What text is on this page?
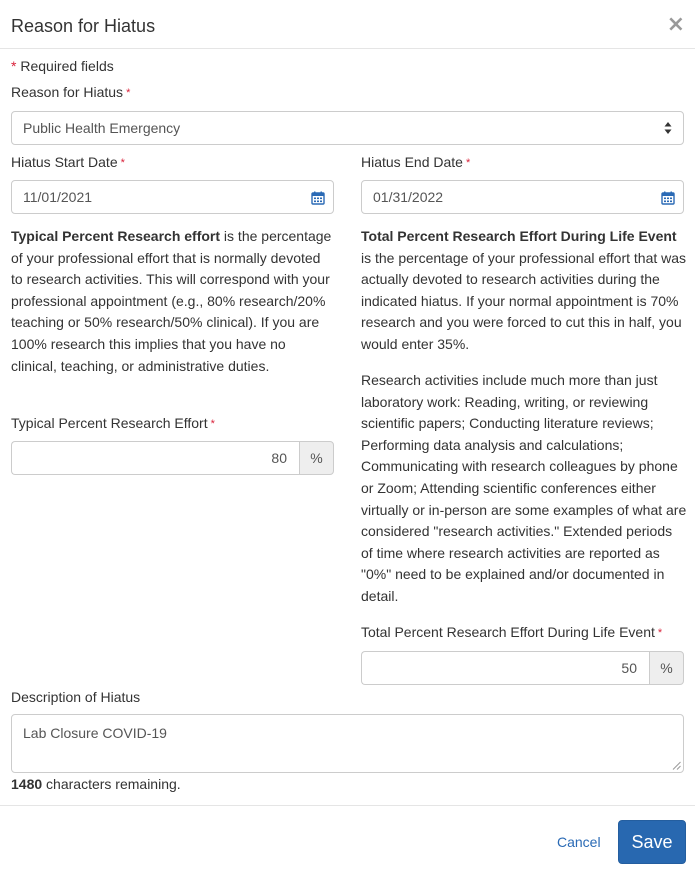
Reason for Hiatus	×
* Required fields
Reason for Hiatus *
Public Health Emergency
Hiatus Start Date *
11/01/2021
Hiatus End Date *
01/31/2022

Typical Percent Research effort is the percentage of your professional effort that is normally devoted to research activities. This will correspond with your professional appointment (e.g., 80% research/20% teaching or 50% research/50% clinical). If you are 100% research this implies that you have no clinical, teaching, or administrative duties.

Total Percent Research Effort During Life Event is the percentage of your professional effort that was actually devoted to research activities during the indicated hiatus. If your normal appointment is 70% research and you were forced to cut this in half, you would enter 35%.

Research activities include much more than just laboratory work: Reading, writing, or reviewing scientific papers; Conducting literature reviews; Performing data analysis and calculations; Communicating with research colleagues by phone or Zoom; Attending scientific conferences either virtually or in-person are some examples of what are considered "research activities." Extended periods of time where research activities are reported as "0%" need to be explained and/or documented in detail.

Typical Percent Research Effort *
80	%
Total Percent Research Effort During Life Event *
50	%
Description of Hiatus
Lab Closure COVID-19
1480 characters remaining.
Cancel	Save
